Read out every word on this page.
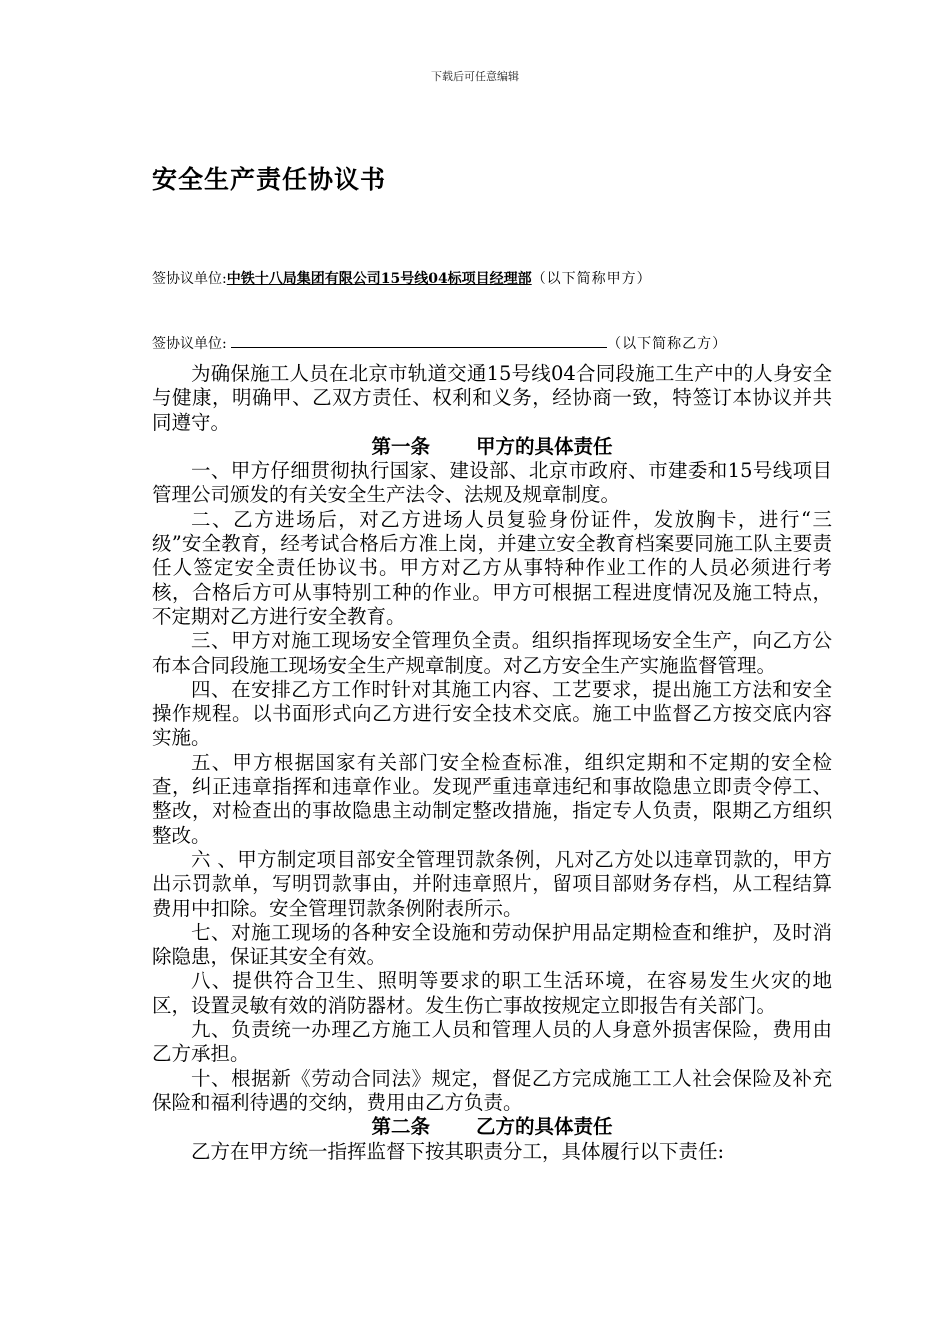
下载后可任意编辑
安全生产责任协议书
签协议单位:中铁十八局集团有限公司15号线04标项目经理部（以下简称甲方）
签协议单位:	（以下简称乙方）

为确保施工人员在北京市轨道交通15号线04合同段施工生产中的人身安全与健康，明确甲、乙双方责任、权利和义务，经协商一致，特签订本协议并共同遵守。

第一条 甲方的具体责任

一、甲方仔细贯彻执行国家、建设部、北京市政府、市建委和15号线项目管理公司颁发的有关安全生产法令、法规及规章制度。

二、乙方进场后，对乙方进场人员复验身份证件，发放胸卡，进行“三级”安全教育，经考试合格后方准上岗，并建立安全教育档案要同施工队主要责任人签定安全责任协议书。甲方对乙方从事特种作业工作的人员必须进行考核，合格后方可从事特别工种的作业。甲方可根据工程进度情况及施工特点，不定期对乙方进行安全教育。

三、甲方对施工现场安全管理负全责。组织指挥现场安全生产，向乙方公布本合同段施工现场安全生产规章制度。对乙方安全生产实施监督管理。

四、在安排乙方工作时针对其施工内容、工艺要求，提出施工方法和安全操作规程。以书面形式向乙方进行安全技术交底。施工中监督乙方按交底内容实施。

五、甲方根据国家有关部门安全检查标准，组织定期和不定期的安全检查，纠正违章指挥和违章作业。发现严重违章违纪和事故隐患立即责令停工、整改，对检查出的事故隐患主动制定整改措施，指定专人负责，限期乙方组织整改。

六 、甲方制定项目部安全管理罚款条例，凡对乙方处以违章罚款的，甲方出示罚款单，写明罚款事由，并附违章照片，留项目部财务存档，从工程结算费用中扣除。安全管理罚款条例附表所示。

七、对施工现场的各种安全设施和劳动保护用品定期检查和维护，及时消除隐患，保证其安全有效。

八、提供符合卫生、照明等要求的职工生活环境，在容易发生火灾的地区，设置灵敏有效的消防器材。发生伤亡事故按规定立即报告有关部门。

九、负责统一办理乙方施工人员和管理人员的人身意外损害保险，费用由乙方承担。

十、根据新《劳动合同法》规定，督促乙方完成施工工人社会保险及补充保险和福利待遇的交纳，费用由乙方负责。

第二条 乙方的具体责任

乙方在甲方统一指挥监督下按其职责分工，具体履行以下责任:
